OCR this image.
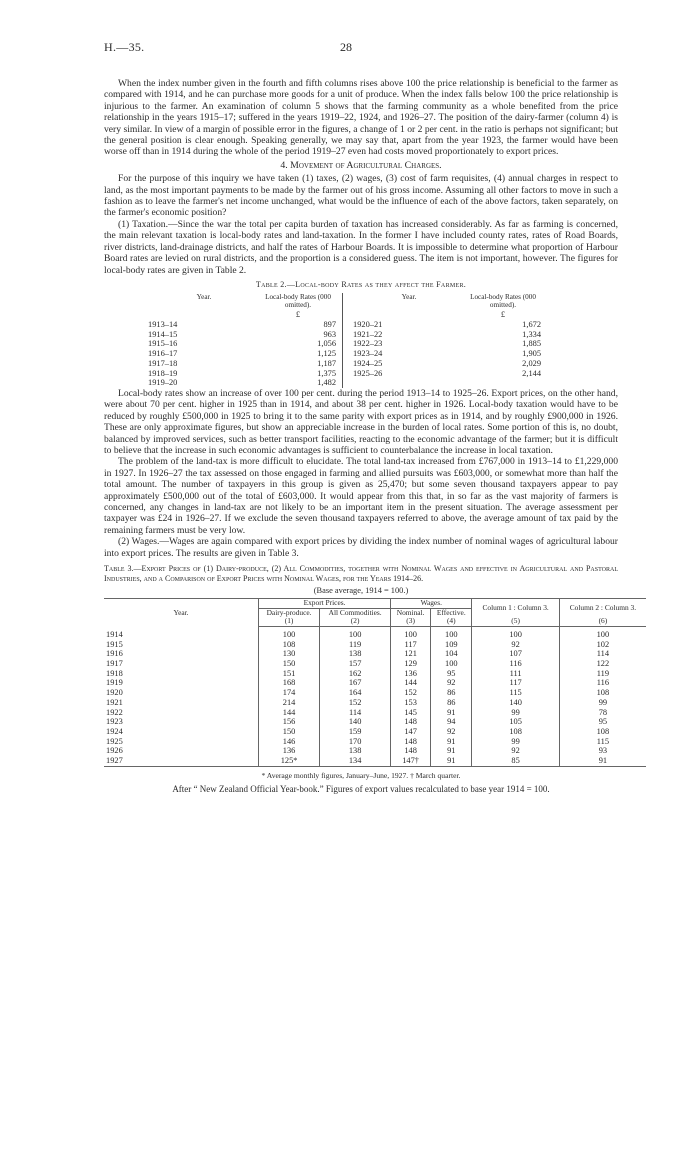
H.—35.	28

When the index number given in the fourth and fifth columns rises above 100 the price relationship is beneficial to the farmer as compared with 1914, and he can purchase more goods for a unit of produce. When the index falls below 100 the price relationship is injurious to the farmer. An examination of column 5 shows that the farming community as a whole benefited from the price relationship in the years 1915–17; suffered in the years 1919–22, 1924, and 1926–27. The position of the dairy-farmer (column 4) is very similar. In view of a margin of possible error in the figures, a change of 1 or 2 per cent. in the ratio is perhaps not significant; but the general position is clear enough. Speaking generally, we may say that, apart from the year 1923, the farmer would have been worse off than in 1914 during the whole of the period 1919–27 even had costs moved proportionately to export prices.

4. Movement of Agricultural Charges.

For the purpose of this inquiry we have taken (1) taxes, (2) wages, (3) cost of farm requisites, (4) annual charges in respect to land, as the most important payments to be made by the farmer out of his gross income. Assuming all other factors to move in such a fashion as to leave the farmer's net income unchanged, what would be the influence of each of the above factors, taken separately, on the farmer's economic position?

(1) Taxation.—Since the war the total per capita burden of taxation has increased considerably. As far as farming is concerned, the main relevant taxation is local-body rates and land-taxation. In the former I have included county rates, rates of Road Boards, river districts, land-drainage districts, and half the rates of Harbour Boards. It is impossible to determine what proportion of Harbour Board rates are levied on rural districts, and the proportion is a considered guess. The item is not important, however. The figures for local-body rates are given in Table 2.

Table 2.—Local-body Rates as they affect the Farmer.
Year.	Local-body Rates (000 omitted).	Year.	Local-body Rates (000 omitted).
	£		£
1913–14	897	1920–21	1,672
1914–15	963	1921–22	1,334
1915–16	1,056	1922–23	1,885
1916–17	1,125	1923–24	1,905
1917–18	1,187	1924–25	2,029
1918–19	1,375	1925–26	2,144
1919–20	1,482		

Local-body rates show an increase of over 100 per cent. during the period 1913–14 to 1925–26. Export prices, on the other hand, were about 70 per cent. higher in 1925 than in 1914, and about 38 per cent. higher in 1926. Local-body taxation would have to be reduced by roughly £500,000 in 1925 to bring it to the same parity with export prices as in 1914, and by roughly £900,000 in 1926. These are only approximate figures, but show an appreciable increase in the burden of local rates. Some portion of this is, no doubt, balanced by improved services, such as better transport facilities, reacting to the economic advantage of the farmer; but it is difficult to believe that the increase in such economic advantages is sufficient to counterbalance the increase in local taxation.

The problem of the land-tax is more difficult to elucidate. The total land-tax increased from £767,000 in 1913–14 to £1,229,000 in 1927. In 1926–27 the tax assessed on those engaged in farming and allied pursuits was £603,000, or somewhat more than half the total amount. The number of taxpayers in this group is given as 25,470; but some seven thousand taxpayers appear to pay approximately £500,000 out of the total of £603,000. It would appear from this that, in so far as the vast majority of farmers is concerned, any changes in land-tax are not likely to be an important item in the present situation. The average assessment per taxpayer was £24 in 1926–27. If we exclude the seven thousand taxpayers referred to above, the average amount of tax paid by the remaining farmers must be very low.

(2) Wages.—Wages are again compared with export prices by dividing the index number of nominal wages of agricultural labour into export prices. The results are given in Table 3.

Table 3.—Export Prices of (1) Dairy-produce, (2) All Commodities, together with Nominal Wages and effective in Agricultural and Pastoral Industries, and a Comparison of Export Prices with Nominal Wages, for the Years 1914–26.
(Base average, 1914 = 100.)
Year.	Export Prices.		Wages.		Column 1 : Column 3.	Column 2 : Column 3.
	Dairy-produce.	All Commodities.	Nominal.	Effective.		
	(1)	(2)	(3)	(4)	(5)	(6)
1914	100	100	100	100	100	100
1915	108	119	117	109	92	102
1916	130	138	121	104	107	114
1917	150	157	129	100	116	122
1918	151	162	136	95	111	119
1919	168	167	144	92	117	116
1920	174	164	152	86	115	108
1921	214	152	153	86	140	99
1922	144	114	145	91	99	78
1923	156	140	148	94	105	95
1924	150	159	147	92	108	108
1925	146	170	148	91	99	115
1926	136	138	148	91	92	93
1927	125*	134	147†	91	85	91
* Average monthly figures, January–June, 1927. † March quarter.
After “ New Zealand Official Year-book.” Figures of export values recalculated to base year 1914 = 100.
